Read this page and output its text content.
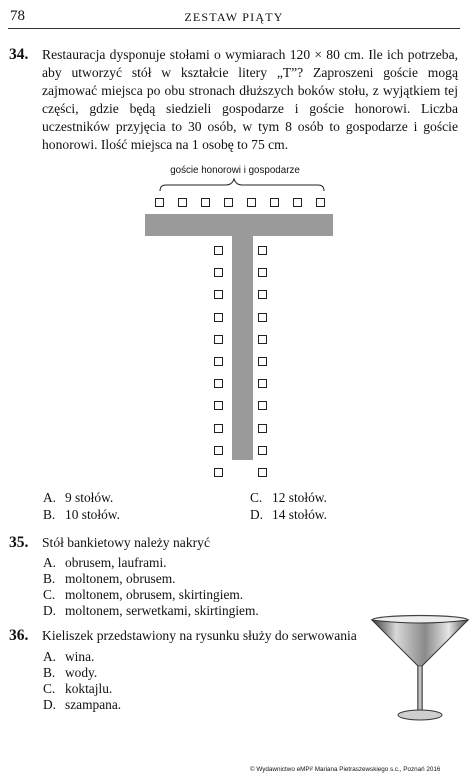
78	ZESTAW PIĄTY
34. Restauracja dysponuje stołami o wymiarach 120 × 80 cm. Ile ich potrzeba, aby utworzyć stół w kształcie litery „T”? Zaproszeni goście mogą zajmować miejsca po obu stronach dłuższych boków stołu, z wyjątkiem tej części, gdzie będą siedzieli gospodarze i goście honorowi. Liczba uczestników przyjęcia to 30 osób, w tym 8 osób to gospodarze i goście honorowi. Ilość miejsca na 1 osobę to 75 cm.
goście honorowi i gospodarze
A. 9 stołów.
B. 10 stołów.
C. 12 stołów.
D. 14 stołów.
35. Stół bankietowy należy nakryć
A. obrusem, lauframi.
B. moltonem, obrusem.
C. moltonem, obrusem, skirtingiem.
D. moltonem, serwetkami, skirtingiem.
36. Kieliszek przedstawiony na rysunku służy do serwowania
A. wina.
B. wody.
C. koktajlu.
D. szampana.
© Wydawnictwo eMPi² Mariana Pietraszewskiego s.c., Poznań 2016
